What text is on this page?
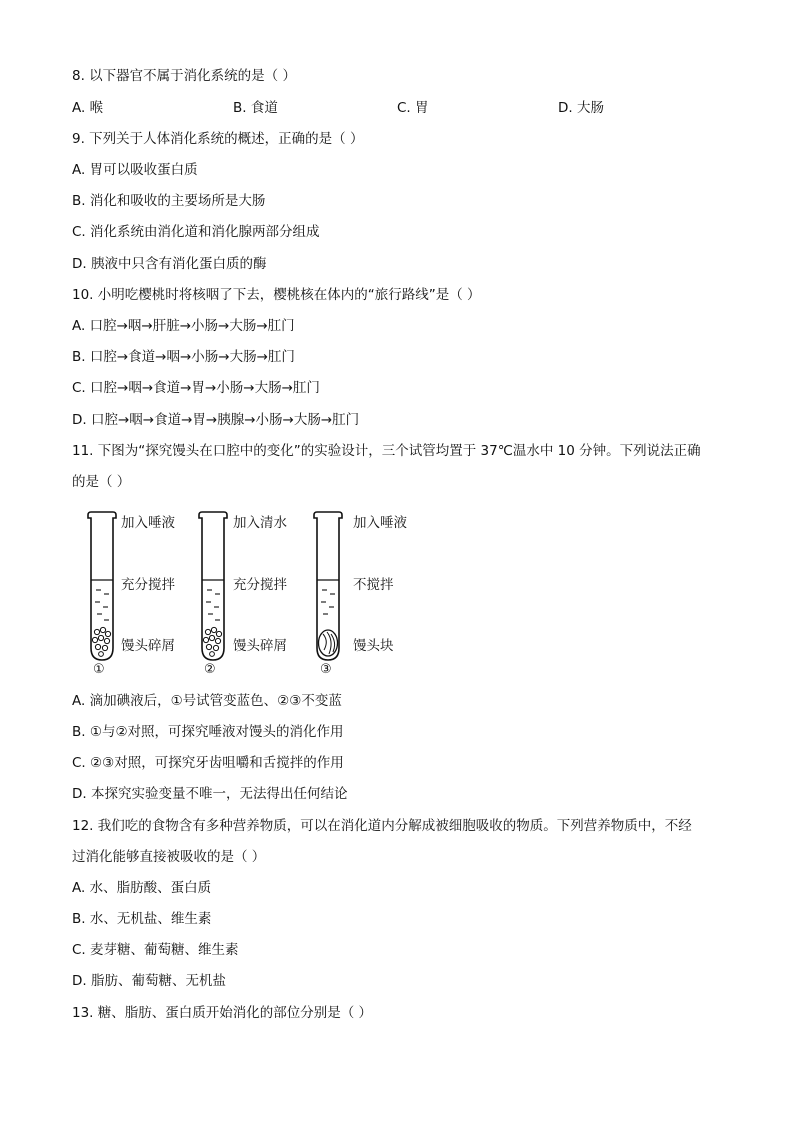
8. 以下器官不属于消化系统的是（ ）
A. 喉	B. 食道	C. 胃	D. 大肠
9. 下列关于人体消化系统的概述，正确的是（ ）
A. 胃可以吸收蛋白质
B. 消化和吸收的主要场所是大肠
C. 消化系统由消化道和消化腺两部分组成
D. 胰液中只含有消化蛋白质的酶
10. 小明吃樱桃时将核咽了下去，樱桃核在体内的“旅行路线”是（ ）
A. 口腔→咽→肝脏→小肠→大肠→肛门
B. 口腔→食道→咽→小肠→大肠→肛门
C. 口腔→咽→食道→胃→小肠→大肠→肛门
D. 口腔→咽→食道→胃→胰腺→小肠→大肠→肛门
11. 下图为“探究馒头在口腔中的变化”的实验设计，三个试管均置于 37℃温水中 10 分钟。下列说法正确
的是（ ）
①
加入唾液
充分搅拌
馒头碎屑
②
加入清水
充分搅拌
馒头碎屑
③
加入唾液
不搅拌
馒头块
A. 滴加碘液后，①号试管变蓝色、②③不变蓝
B. ①与②对照，可探究唾液对馒头的消化作用
C. ②③对照，可探究牙齿咀嚼和舌搅拌的作用
D. 本探究实验变量不唯一，无法得出任何结论
12. 我们吃的食物含有多种营养物质，可以在消化道内分解成被细胞吸收的物质。下列营养物质中，不经
过消化能够直接被吸收的是（ ）
A. 水、脂肪酸、蛋白质
B. 水、无机盐、维生素
C. 麦芽糖、葡萄糖、维生素
D. 脂肪、葡萄糖、无机盐
13. 糖、脂肪、蛋白质开始消化的部位分别是（ ）
